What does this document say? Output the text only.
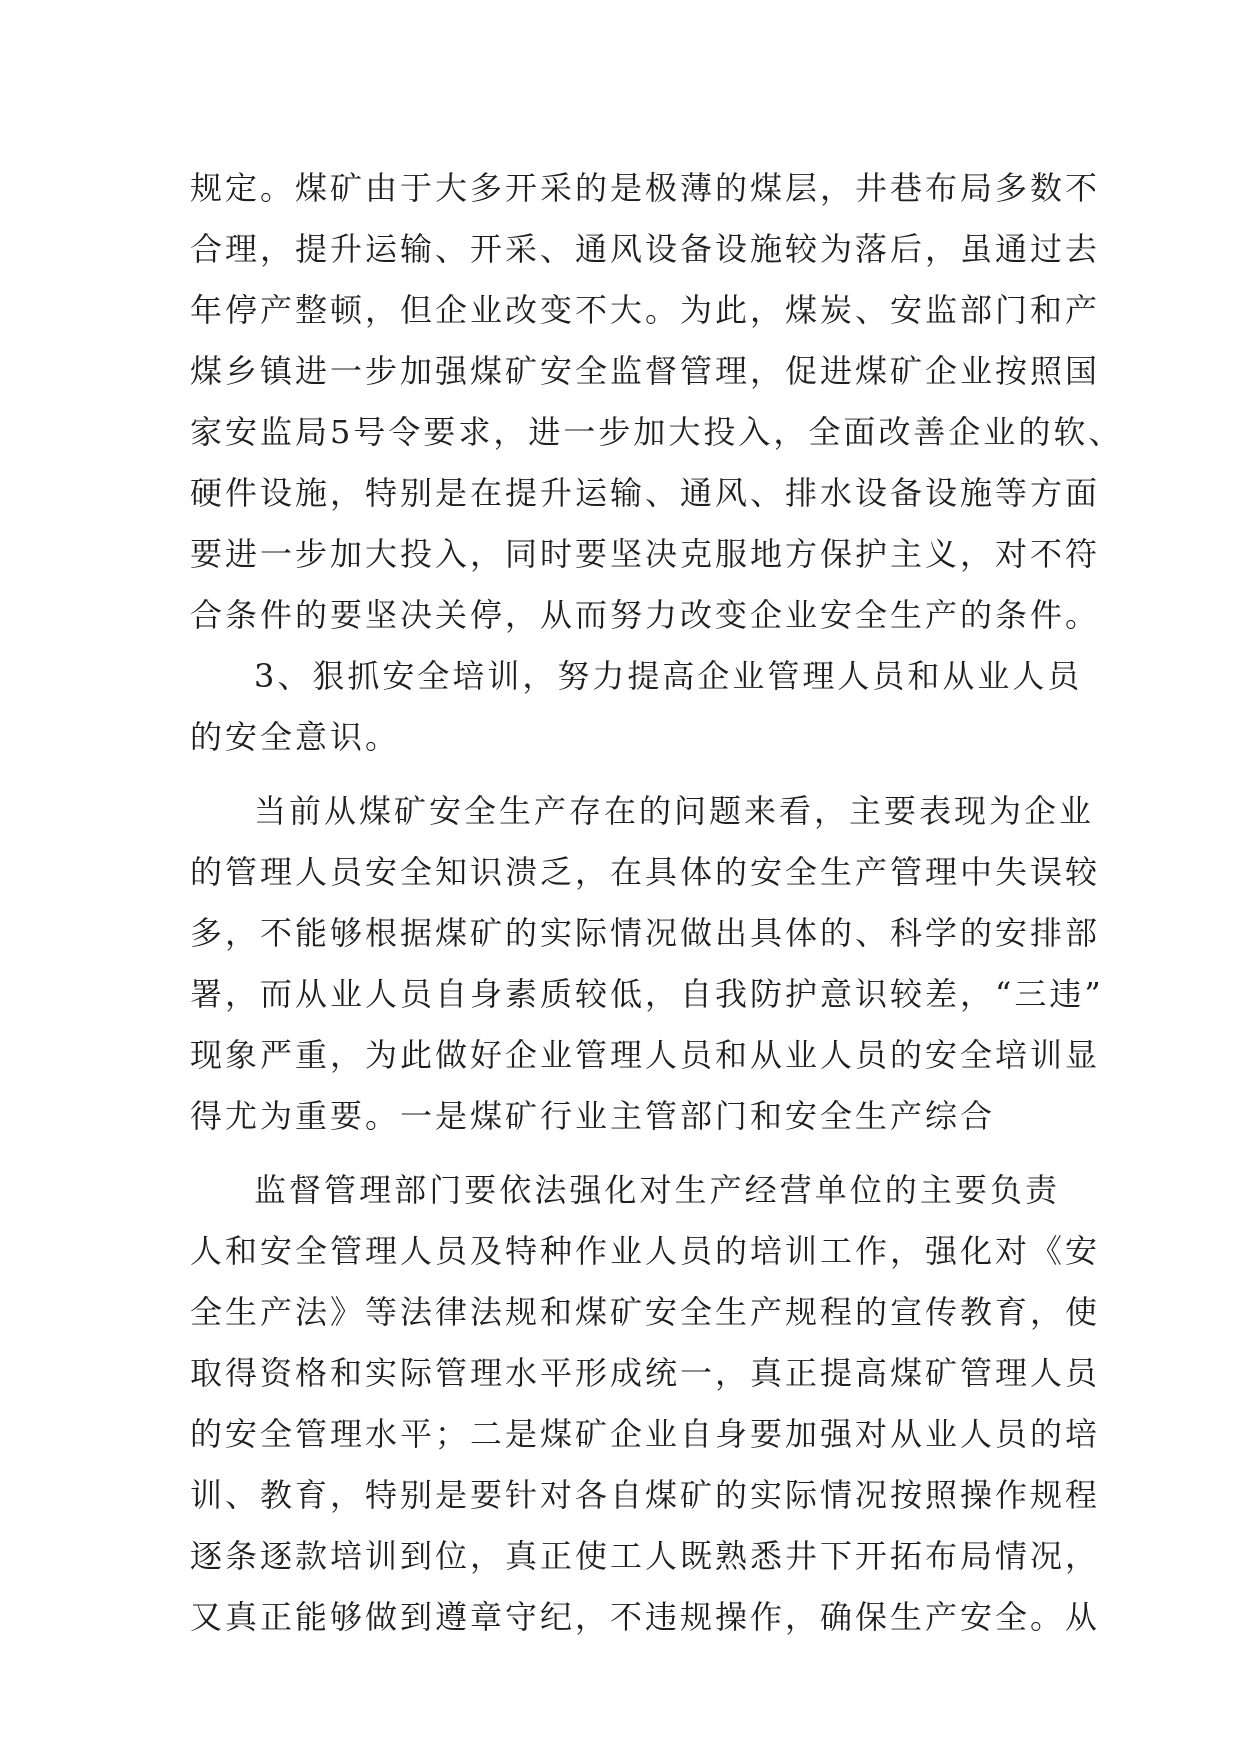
规定。煤矿由于大多开采的是极薄的煤层，井巷布局多数不
合理，提升运输、开采、通风设备设施较为落后，虽通过去
年停产整顿，但企业改变不大。为此，煤炭、安监部门和产
煤乡镇进一步加强煤矿安全监督管理，促进煤矿企业按照国
家安监局5号令要求，进一步加大投入，全面改善企业的软、
硬件设施，特别是在提升运输、通风、排水设备设施等方面
要进一步加大投入，同时要坚决克服地方保护主义，对不符
合条件的要坚决关停，从而努力改变企业安全生产的条件。
3、狠抓安全培训，努力提高企业管理人员和从业人员
的安全意识。
当前从煤矿安全生产存在的问题来看，主要表现为企业
的管理人员安全知识溃乏，在具体的安全生产管理中失误较
多，不能够根据煤矿的实际情况做出具体的、科学的安排部
署，而从业人员自身素质较低，自我防护意识较差，“三违”
现象严重，为此做好企业管理人员和从业人员的安全培训显
得尤为重要。一是煤矿行业主管部门和安全生产综合
监督管理部门要依法强化对生产经营单位的主要负责
人和安全管理人员及特种作业人员的培训工作，强化对《安
全生产法》等法律法规和煤矿安全生产规程的宣传教育，使
取得资格和实际管理水平形成统一，真正提高煤矿管理人员
的安全管理水平；二是煤矿企业自身要加强对从业人员的培
训、教育，特别是要针对各自煤矿的实际情况按照操作规程
逐条逐款培训到位，真正使工人既熟悉井下开拓布局情况，
又真正能够做到遵章守纪，不违规操作，确保生产安全。从
